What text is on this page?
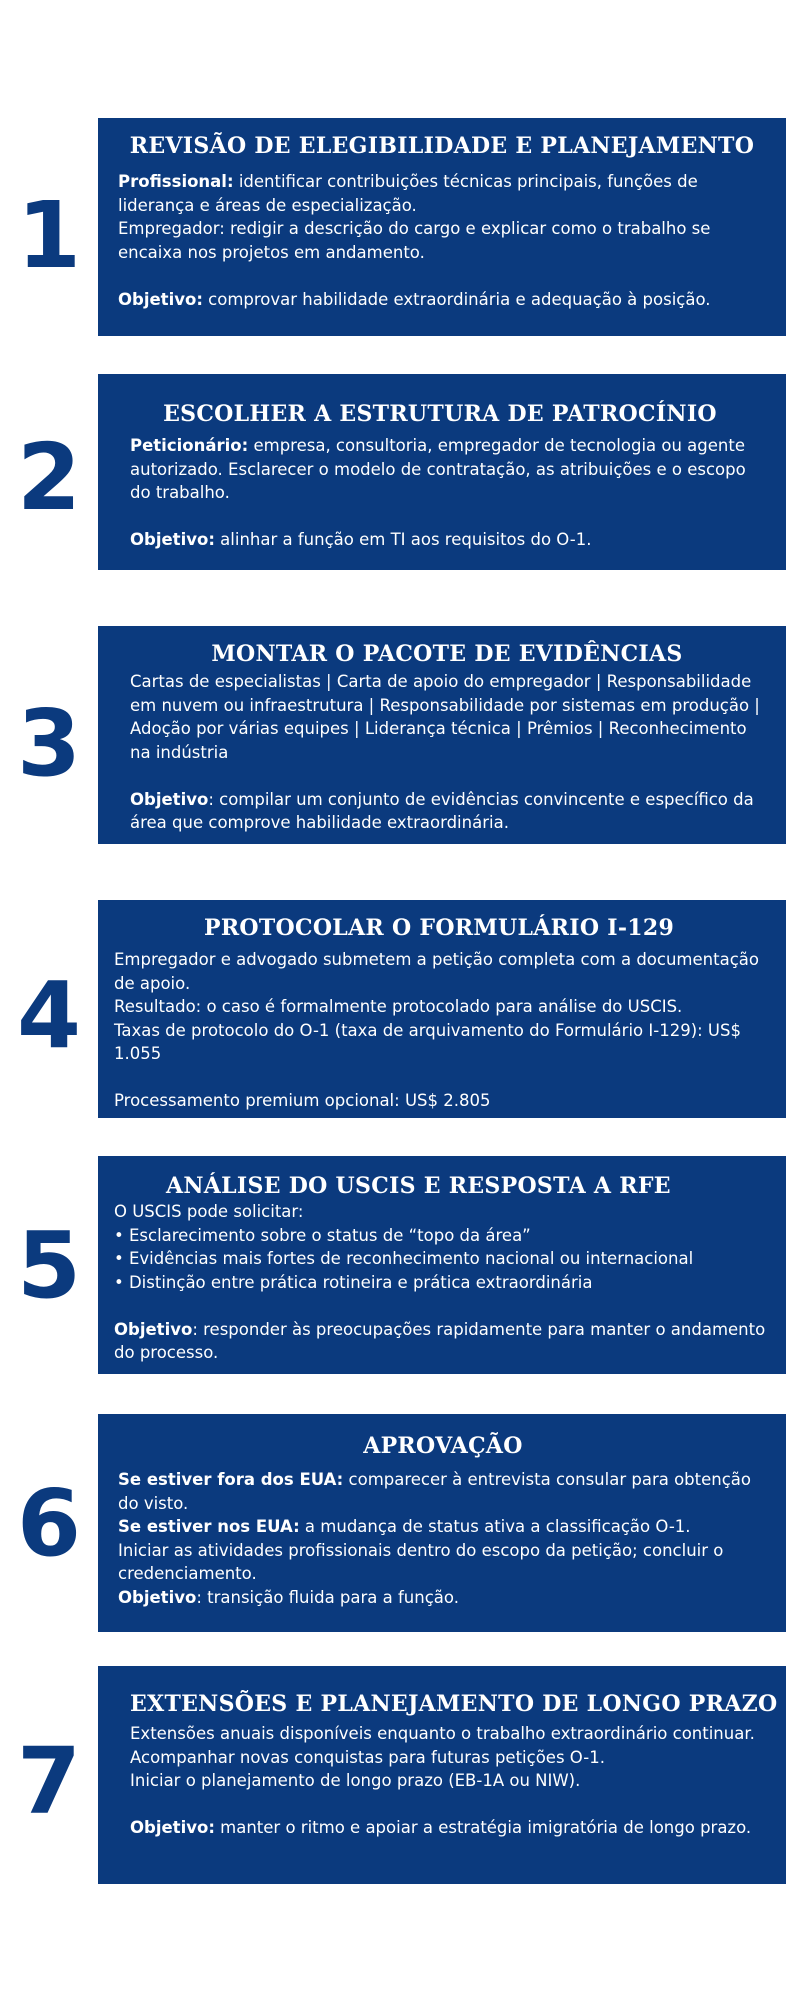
1
REVISÃO DE ELEGIBILIDADE E PLANEJAMENTO

Profissional: identificar contribuições técnicas principais, funções de liderança e áreas de especialização.

Empregador: redigir a descrição do cargo e explicar como o trabalho se encaixa nos projetos em andamento.

Objetivo: comprovar habilidade extraordinária e adequação à posição.

2
ESCOLHER A ESTRUTURA DE PATROCÍNIO

Peticionário: empresa, consultoria, empregador de tecnologia ou agente autorizado. Esclarecer o modelo de contratação, as atribuições e o escopo do trabalho.

Objetivo: alinhar a função em TI aos requisitos do O-1.

3
MONTAR O PACOTE DE EVIDÊNCIAS

Cartas de especialistas | Carta de apoio do empregador | Responsabilidade em nuvem ou infraestrutura | Responsabilidade por sistemas em produção | Adoção por várias equipes | Liderança técnica | Prêmios | Reconhecimento na indústria

Objetivo: compilar um conjunto de evidências convincente e específico da área que comprove habilidade extraordinária.

4
PROTOCOLAR O FORMULÁRIO I-129

Empregador e advogado submetem a petição completa com a documentação de apoio.

Resultado: o caso é formalmente protocolado para análise do USCIS.

Taxas de protocolo do O-1 (taxa de arquivamento do Formulário I-129): US$ 1.055

Processamento premium opcional: US$ 2.805

5
ANÁLISE DO USCIS E RESPOSTA A RFE

O USCIS pode solicitar:

• Esclarecimento sobre o status de “topo da área”

• Evidências mais fortes de reconhecimento nacional ou internacional

• Distinção entre prática rotineira e prática extraordinária

Objetivo: responder às preocupações rapidamente para manter o andamento do processo.

6
APROVAÇÃO

Se estiver fora dos EUA: comparecer à entrevista consular para obtenção do visto.

Se estiver nos EUA: a mudança de status ativa a classificação O-1.

Iniciar as atividades profissionais dentro do escopo da petição; concluir o credenciamento.

Objetivo: transição fluida para a função.

7
EXTENSÕES E PLANEJAMENTO DE LONGO PRAZO

Extensões anuais disponíveis enquanto o trabalho extraordinário continuar.

Acompanhar novas conquistas para futuras petições O-1.

Iniciar o planejamento de longo prazo (EB-1A ou NIW).

Objetivo: manter o ritmo e apoiar a estratégia imigratória de longo prazo.
